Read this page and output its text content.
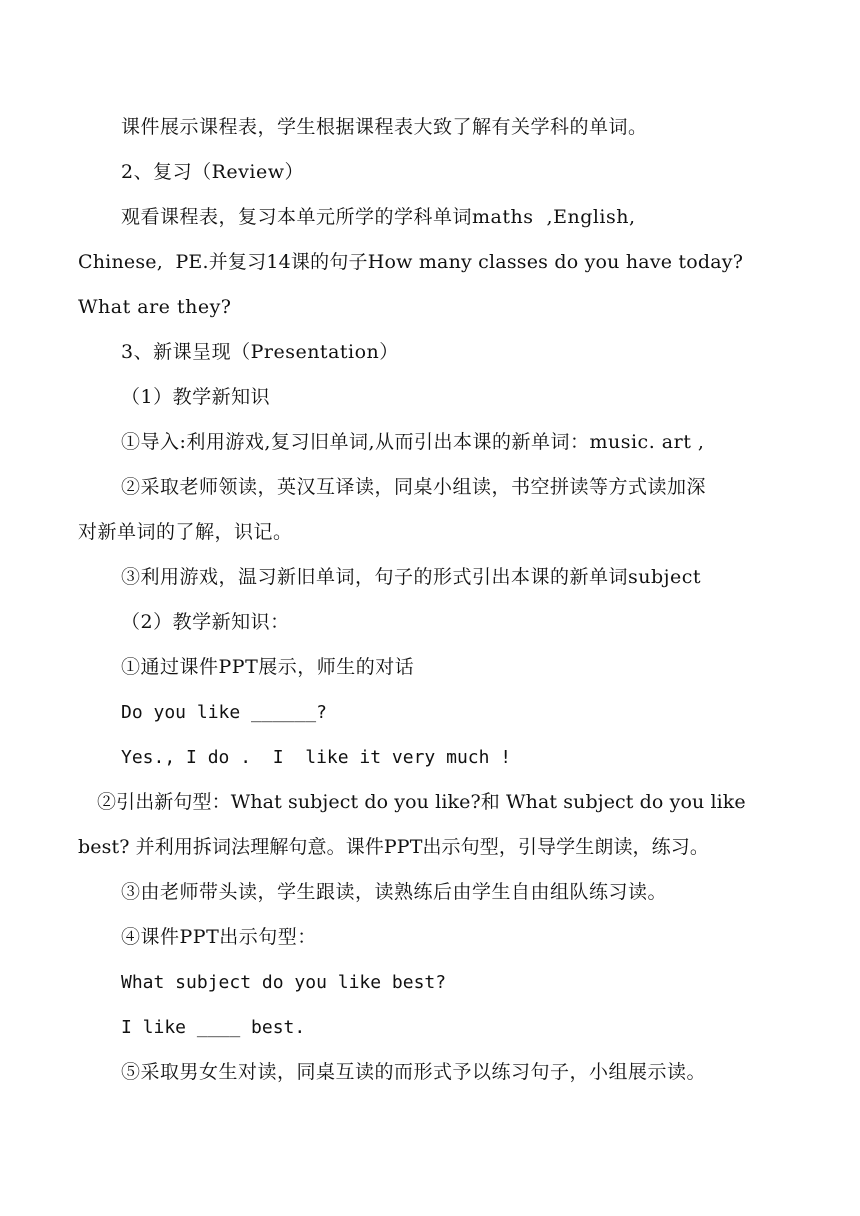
课件展示课程表，学生根据课程表大致了解有关学科的单词。
2、复习（Review）
观看课程表，复习本单元所学的学科单词maths  ,English,
Chinese,  PE.并复习14课的句子How many classes do you have today?
What are they?
3、新课呈现（Presentation）
（1）教学新知识
①导入:利用游戏,复习旧单词,从而引出本课的新单词：music. art ,
②采取老师领读，英汉互译读，同桌小组读，书空拼读等方式读加深
对新单词的了解，识记。
③利用游戏，温习新旧单词，句子的形式引出本课的新单词subject
（2）教学新知识：
①通过课件PPT展示，师生的对话
Do you like ______?
Yes., I do .  I  like it very much !
②引出新句型：What subject do you like?和 What subject do you like
best? 并利用拆词法理解句意。课件PPT出示句型，引导学生朗读，练习。
③由老师带头读，学生跟读，读熟练后由学生自由组队练习读。
④课件PPT出示句型：
What subject do you like best?
I like ____ best.
⑤采取男女生对读，同桌互读的而形式予以练习句子，小组展示读。
